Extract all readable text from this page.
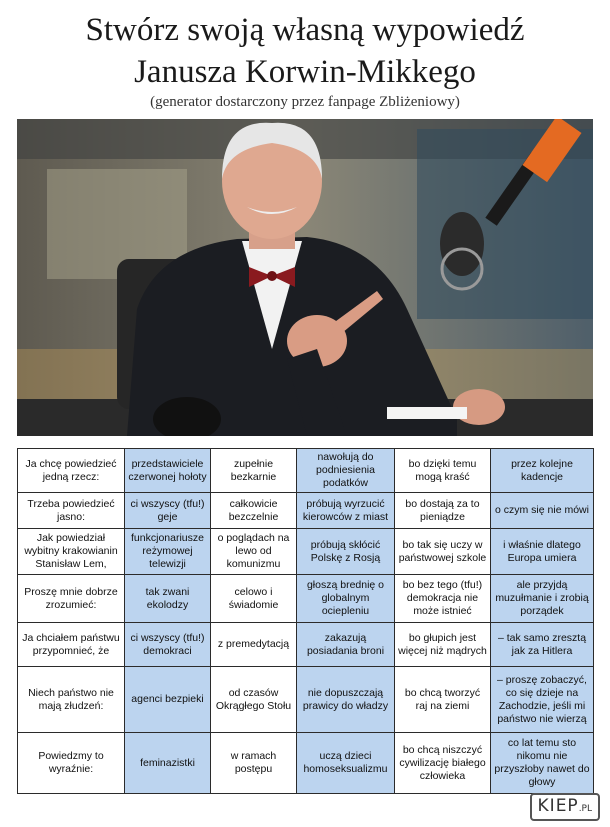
Stwórz swoją własną wypowiedź
Janusza Korwin-Mikkego
(generator dostarczony przez fanpage Zbliżeniowy)
Ja chcę powiedzieć jedną rzecz:	przedstawiciele czerwonej hołoty	zupełnie bezkarnie	nawołują do podniesienia podatków	bo dzięki temu mogą kraść	przez kolejne kadencje
Trzeba powiedzieć jasno:	ci wszyscy (tfu!) geje	całkowicie bezczelnie	próbują wyrzucić kierowców z miast	bo dostają za to pieniądze	o czym się nie mówi
Jak powiedział wybitny krakowianin Stanisław Lem,	funkcjonariusze reżymowej telewizji	o poglądach na lewo od komunizmu	próbują skłócić Polskę z Rosją	bo tak się uczy w państwowej szkole	i właśnie dlatego Europa umiera
Proszę mnie dobrze zrozumieć:	tak zwani ekolodzy	celowo i świadomie	głoszą brednię o globalnym ociepleniu	bo bez tego (tfu!) demokracja nie może istnieć	ale przyjdą muzułmanie i zrobią porządek
Ja chciałem państwu przypomnieć, że	ci wszyscy (tfu!) demokraci	z premedytacją	zakazują posiadania broni	bo głupich jest więcej niż mądrych	– tak samo zresztą jak za Hitlera
Niech państwo nie mają złudzeń:	agenci bezpieki	od czasów Okrągłego Stołu	nie dopuszczają prawicy do władzy	bo chcą tworzyć raj na ziemi	– proszę zobaczyć, co się dzieje na Zachodzie, jeśli mi państwo nie wierzą
Powiedzmy to wyraźnie:	feminazistki	w ramach postępu	uczą dzieci homoseksualizmu	bo chcą niszczyć cywilizację białego człowieka	co lat temu sto nikomu nie przyszłoby nawet do głowy
KIEP.PL
